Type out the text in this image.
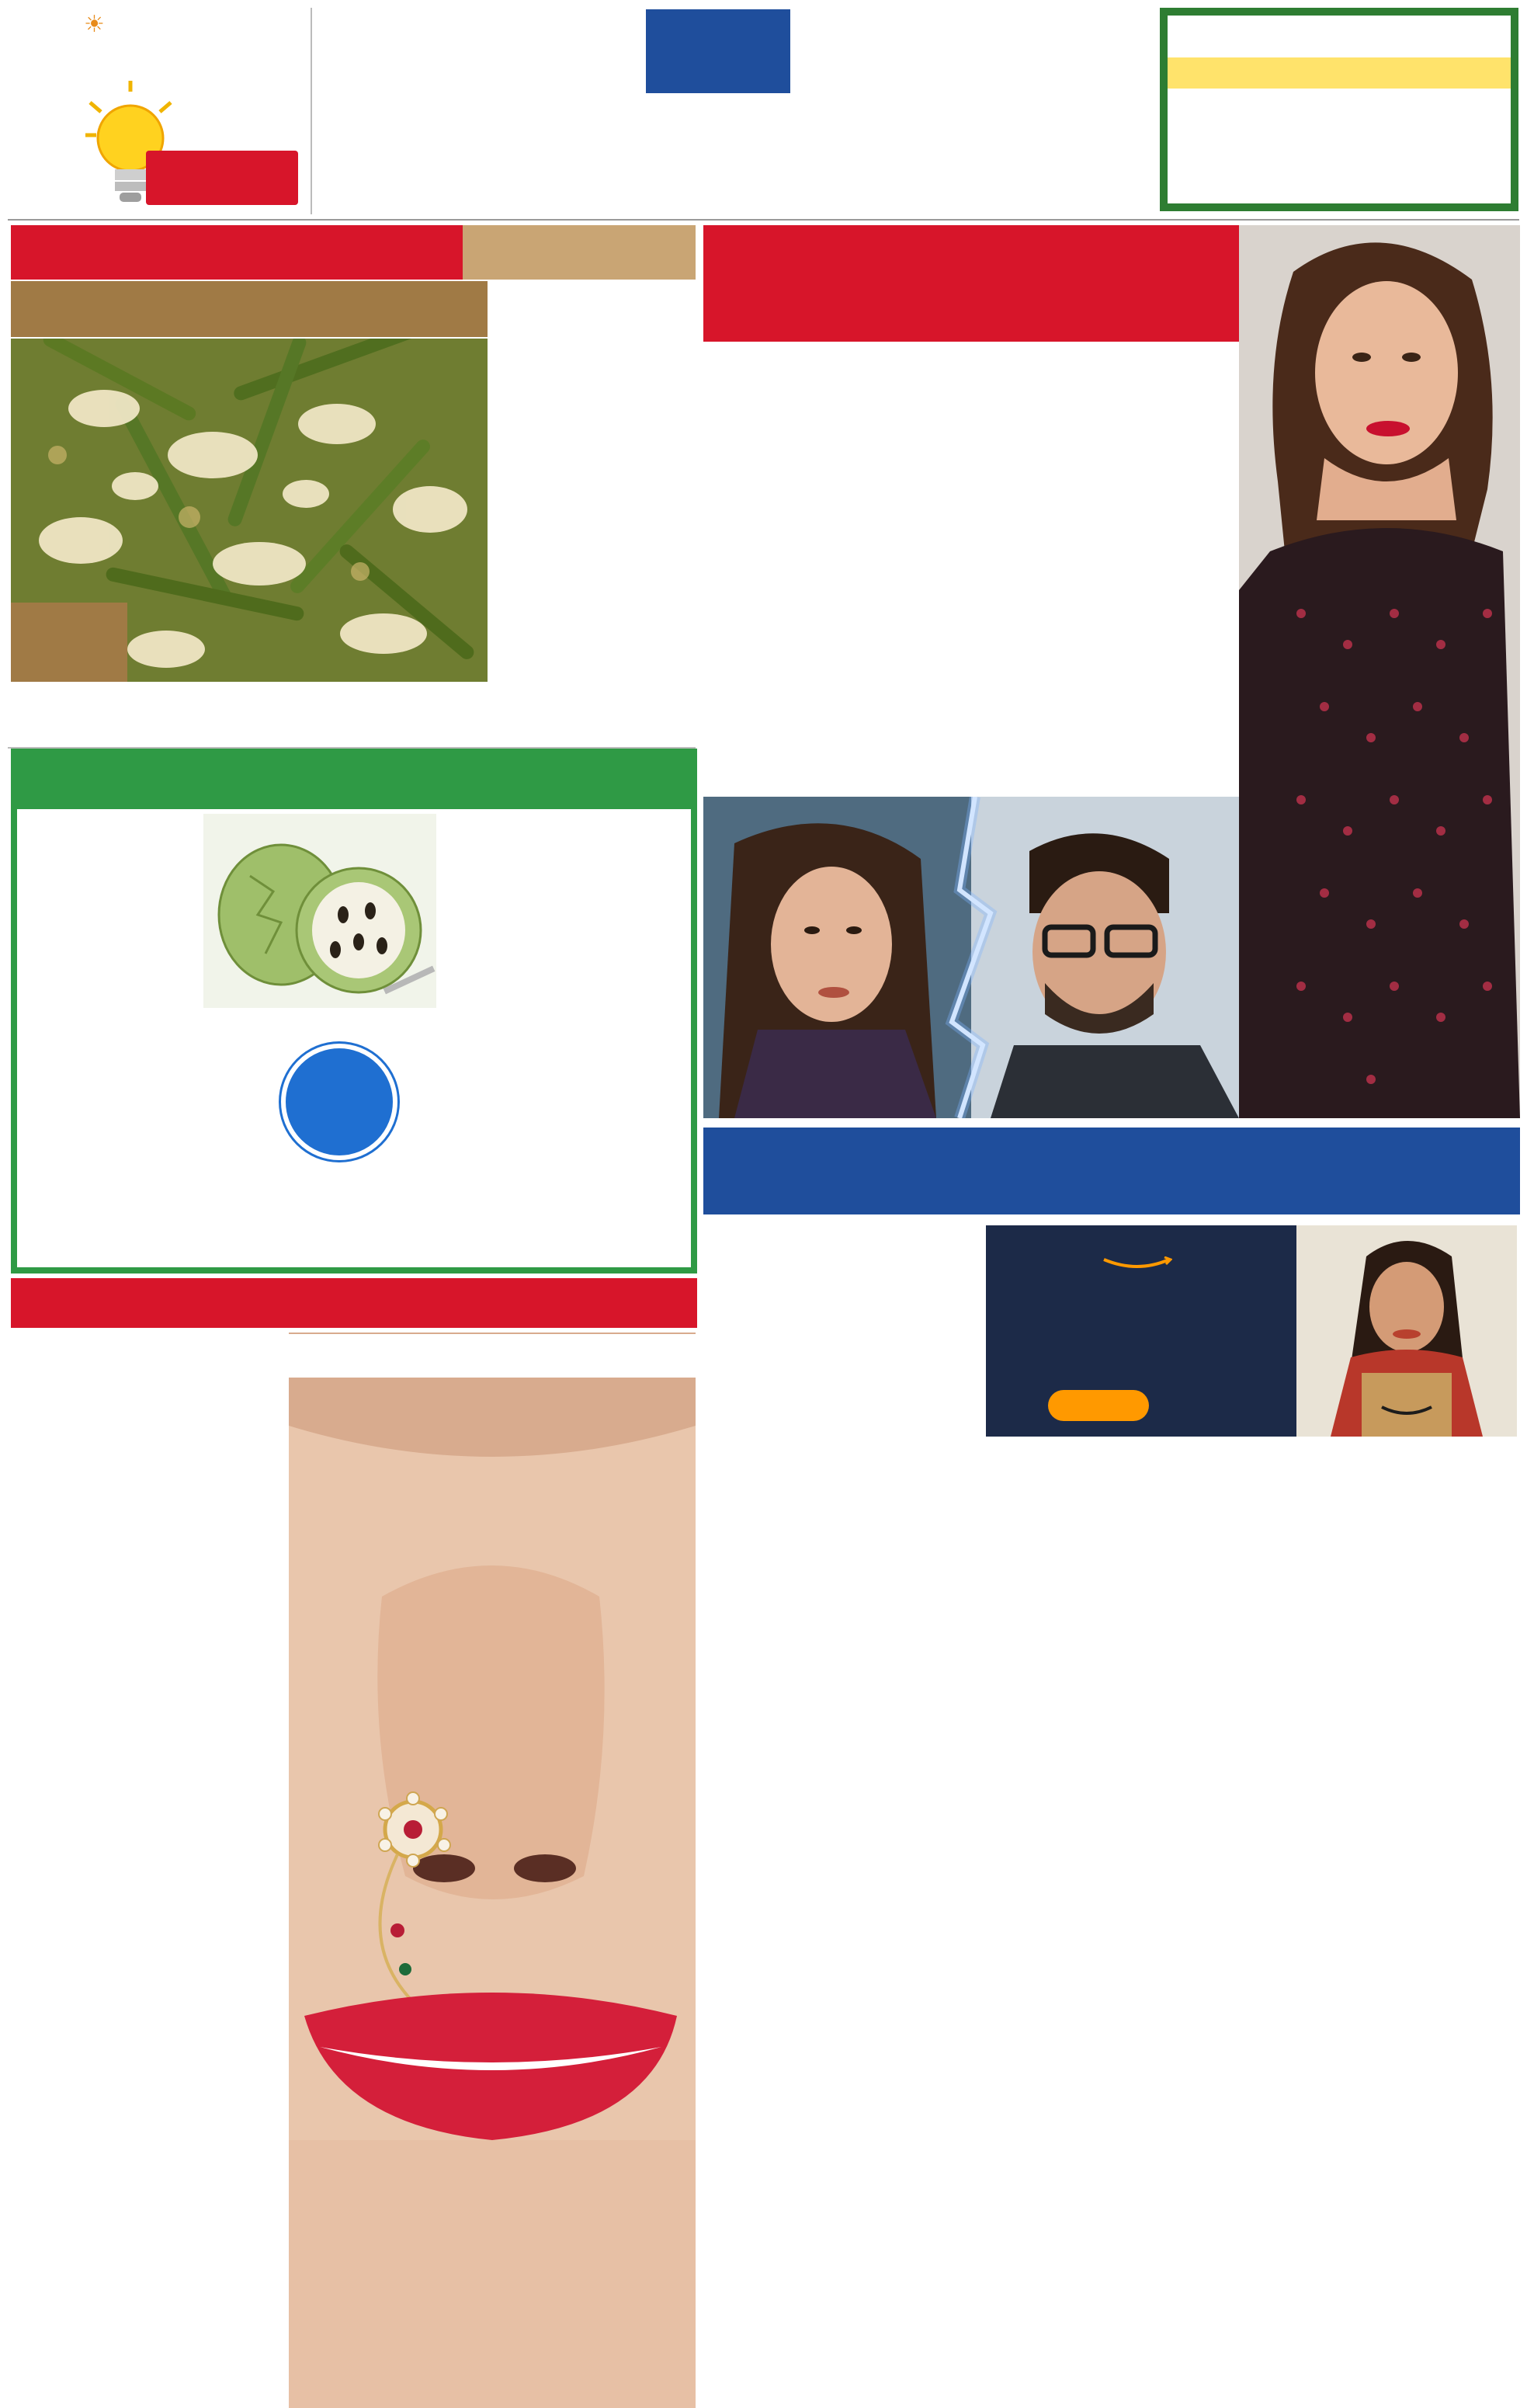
☀
